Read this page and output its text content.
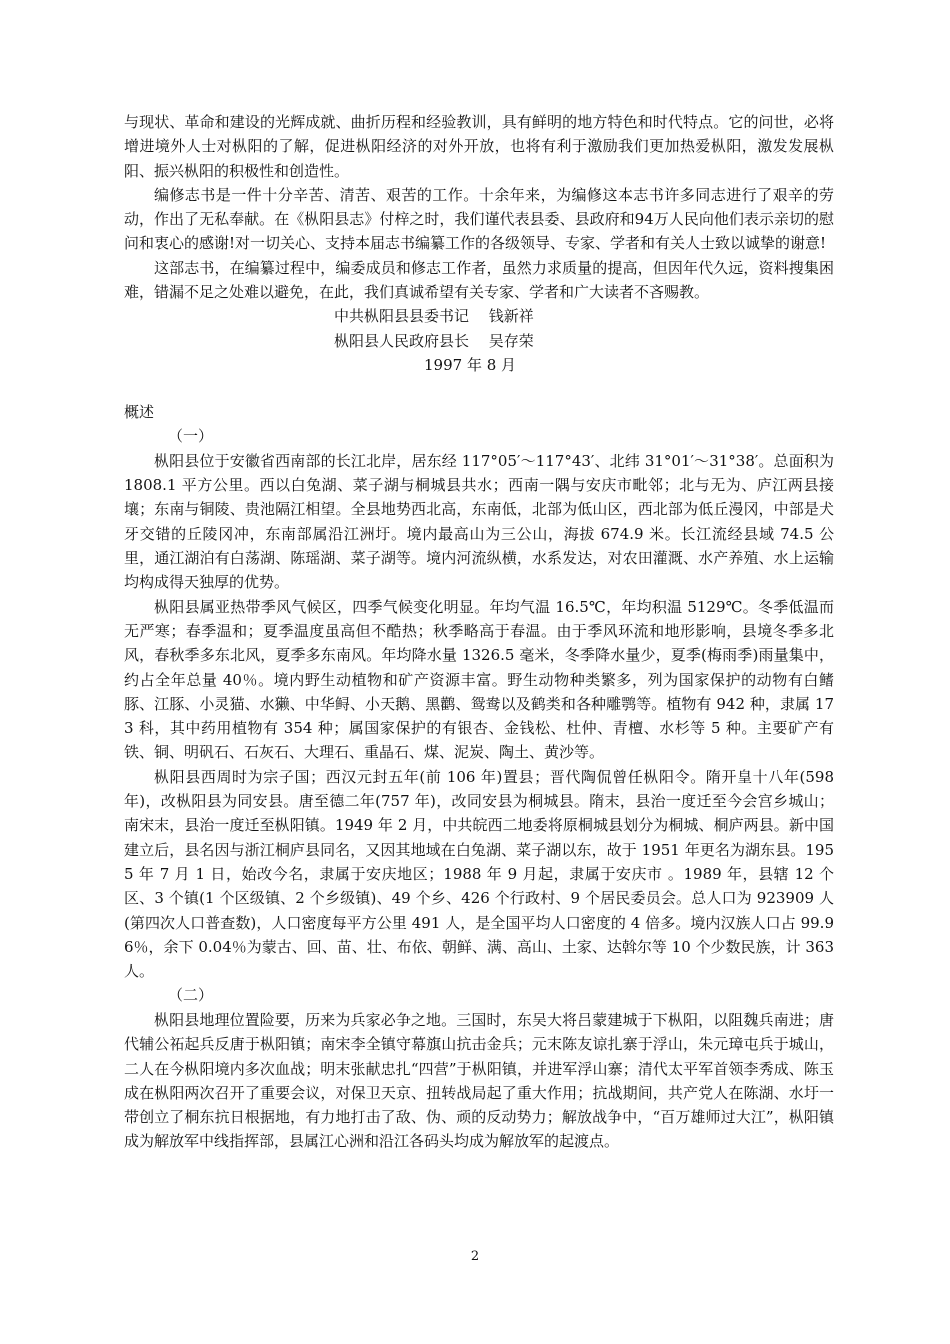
与现状、革命和建设的光辉成就、曲折历程和经验教训，具有鲜明的地方特色和时代特点。它的问世，必将增进境外人士对枞阳的了解，促进枞阳经济的对外开放，也将有利于激励我们更加热爱枞阳，激发发展枞阳、振兴枞阳的积极性和创造性。

编修志书是一件十分辛苦、清苦、艰苦的工作。十余年来，为编修这本志书许多同志进行了艰辛的劳动，作出了无私奉献。在《枞阳县志》付梓之时，我们谨代表县委、县政府和94万人民向他们表示亲切的慰问和衷心的感谢!对一切关心、支持本届志书编纂工作的各级领导、专家、学者和有关人士致以诚挚的谢意!

这部志书，在编纂过程中，编委成员和修志工作者，虽然力求质量的提高，但因年代久远，资料搜集困难，错漏不足之处难以避免，在此，我们真诚希望有关专家、学者和广大读者不吝赐教。

中共枞阳县县委书记　 钱新祥

枞阳县人民政府县长　 吴存荣

1997 年 8 月

概述

（一）

枞阳县位于安徽省西南部的长江北岸，居东经 117°05′～117°43′、北纬 31°01′～31°38′。总面积为 1808.1 平方公里。西以白兔湖、菜子湖与桐城县共水；西南一隅与安庆市毗邻；北与无为、庐江两县接壤；东南与铜陵、贵池隔江相望。全县地势西北高，东南低，北部为低山区，西北部为低丘漫冈，中部是犬牙交错的丘陵冈冲，东南部属沿江洲圩。境内最高山为三公山，海拔 674.9 米。长江流经县域 74.5 公里，通江湖泊有白荡湖、陈瑶湖、菜子湖等。境内河流纵横，水系发达，对农田灌溉、水产养殖、水上运输均构成得天独厚的优势。

枞阳县属亚热带季风气候区，四季气候变化明显。年均气温 16.5℃，年均积温 5129℃。冬季低温而无严寒；春季温和；夏季温度虽高但不酷热；秋季略高于春温。由于季风环流和地形影响，县境冬季多北风，春秋季多东北风，夏季多东南风。年均降水量 1326.5 毫米，冬季降水量少，夏季(梅雨季)雨量集中，约占全年总量 40％。境内野生动植物和矿产资源丰富。野生动物种类繁多，列为国家保护的动物有白鳍豚、江豚、小灵猫、水獭、中华鲟、小天鹅、黑鹳、鸳鸯以及鹤类和各种雕鹗等。植物有 942 种，隶属 173 科，其中药用植物有 354 种；属国家保护的有银杏、金钱松、杜仲、青檀、水杉等 5 种。主要矿产有铁、铜、明矾石、石灰石、大理石、重晶石、煤、泥炭、陶土、黄沙等。

枞阳县西周时为宗子国；西汉元封五年(前 106 年)置县；晋代陶侃曾任枞阳令。隋开皇十八年(598 年)，改枞阳县为同安县。唐至德二年(757 年)，改同安县为桐城县。隋末，县治一度迁至今会宫乡城山；南宋末，县治一度迁至枞阳镇。1949 年 2 月，中共皖西二地委将原桐城县划分为桐城、桐庐两县。新中国建立后，县名因与浙江桐庐县同名，又因其地域在白兔湖、菜子湖以东，故于 1951 年更名为湖东县。1955 年 7 月 1 日，始改今名，隶属于安庆地区；1988 年 9 月起，隶属于安庆市 。1989 年，县辖 12 个区、3 个镇(1 个区级镇、2 个乡级镇)、49 个乡、426 个行政村、9 个居民委员会。总人口为 923909 人(第四次人口普查数)，人口密度每平方公里 491 人，是全国平均人口密度的 4 倍多。境内汉族人口占 99.96％，余下 0.04％为蒙古、回、苗、壮、布依、朝鲜、满、高山、土家、达斡尔等 10 个少数民族，计 363 人。

（二）

枞阳县地理位置险要，历来为兵家必争之地。三国时，东吴大将吕蒙建城于下枞阳，以阻魏兵南进；唐代辅公祏起兵反唐于枞阳镇；南宋李全镇守幕旗山抗击金兵；元末陈友谅扎寨于浮山，朱元璋屯兵于城山，二人在今枞阳境内多次血战；明末张献忠扎“四营”于枞阳镇，并进军浮山寨；清代太平军首领李秀成、陈玉成在枞阳两次召开了重要会议，对保卫天京、扭转战局起了重大作用；抗战期间，共产党人在陈湖、水圩一带创立了桐东抗日根据地，有力地打击了敌、伪、顽的反动势力；解放战争中，“百万雄师过大江”，枞阳镇成为解放军中线指挥部，县属江心洲和沿江各码头均成为解放军的起渡点。

2
